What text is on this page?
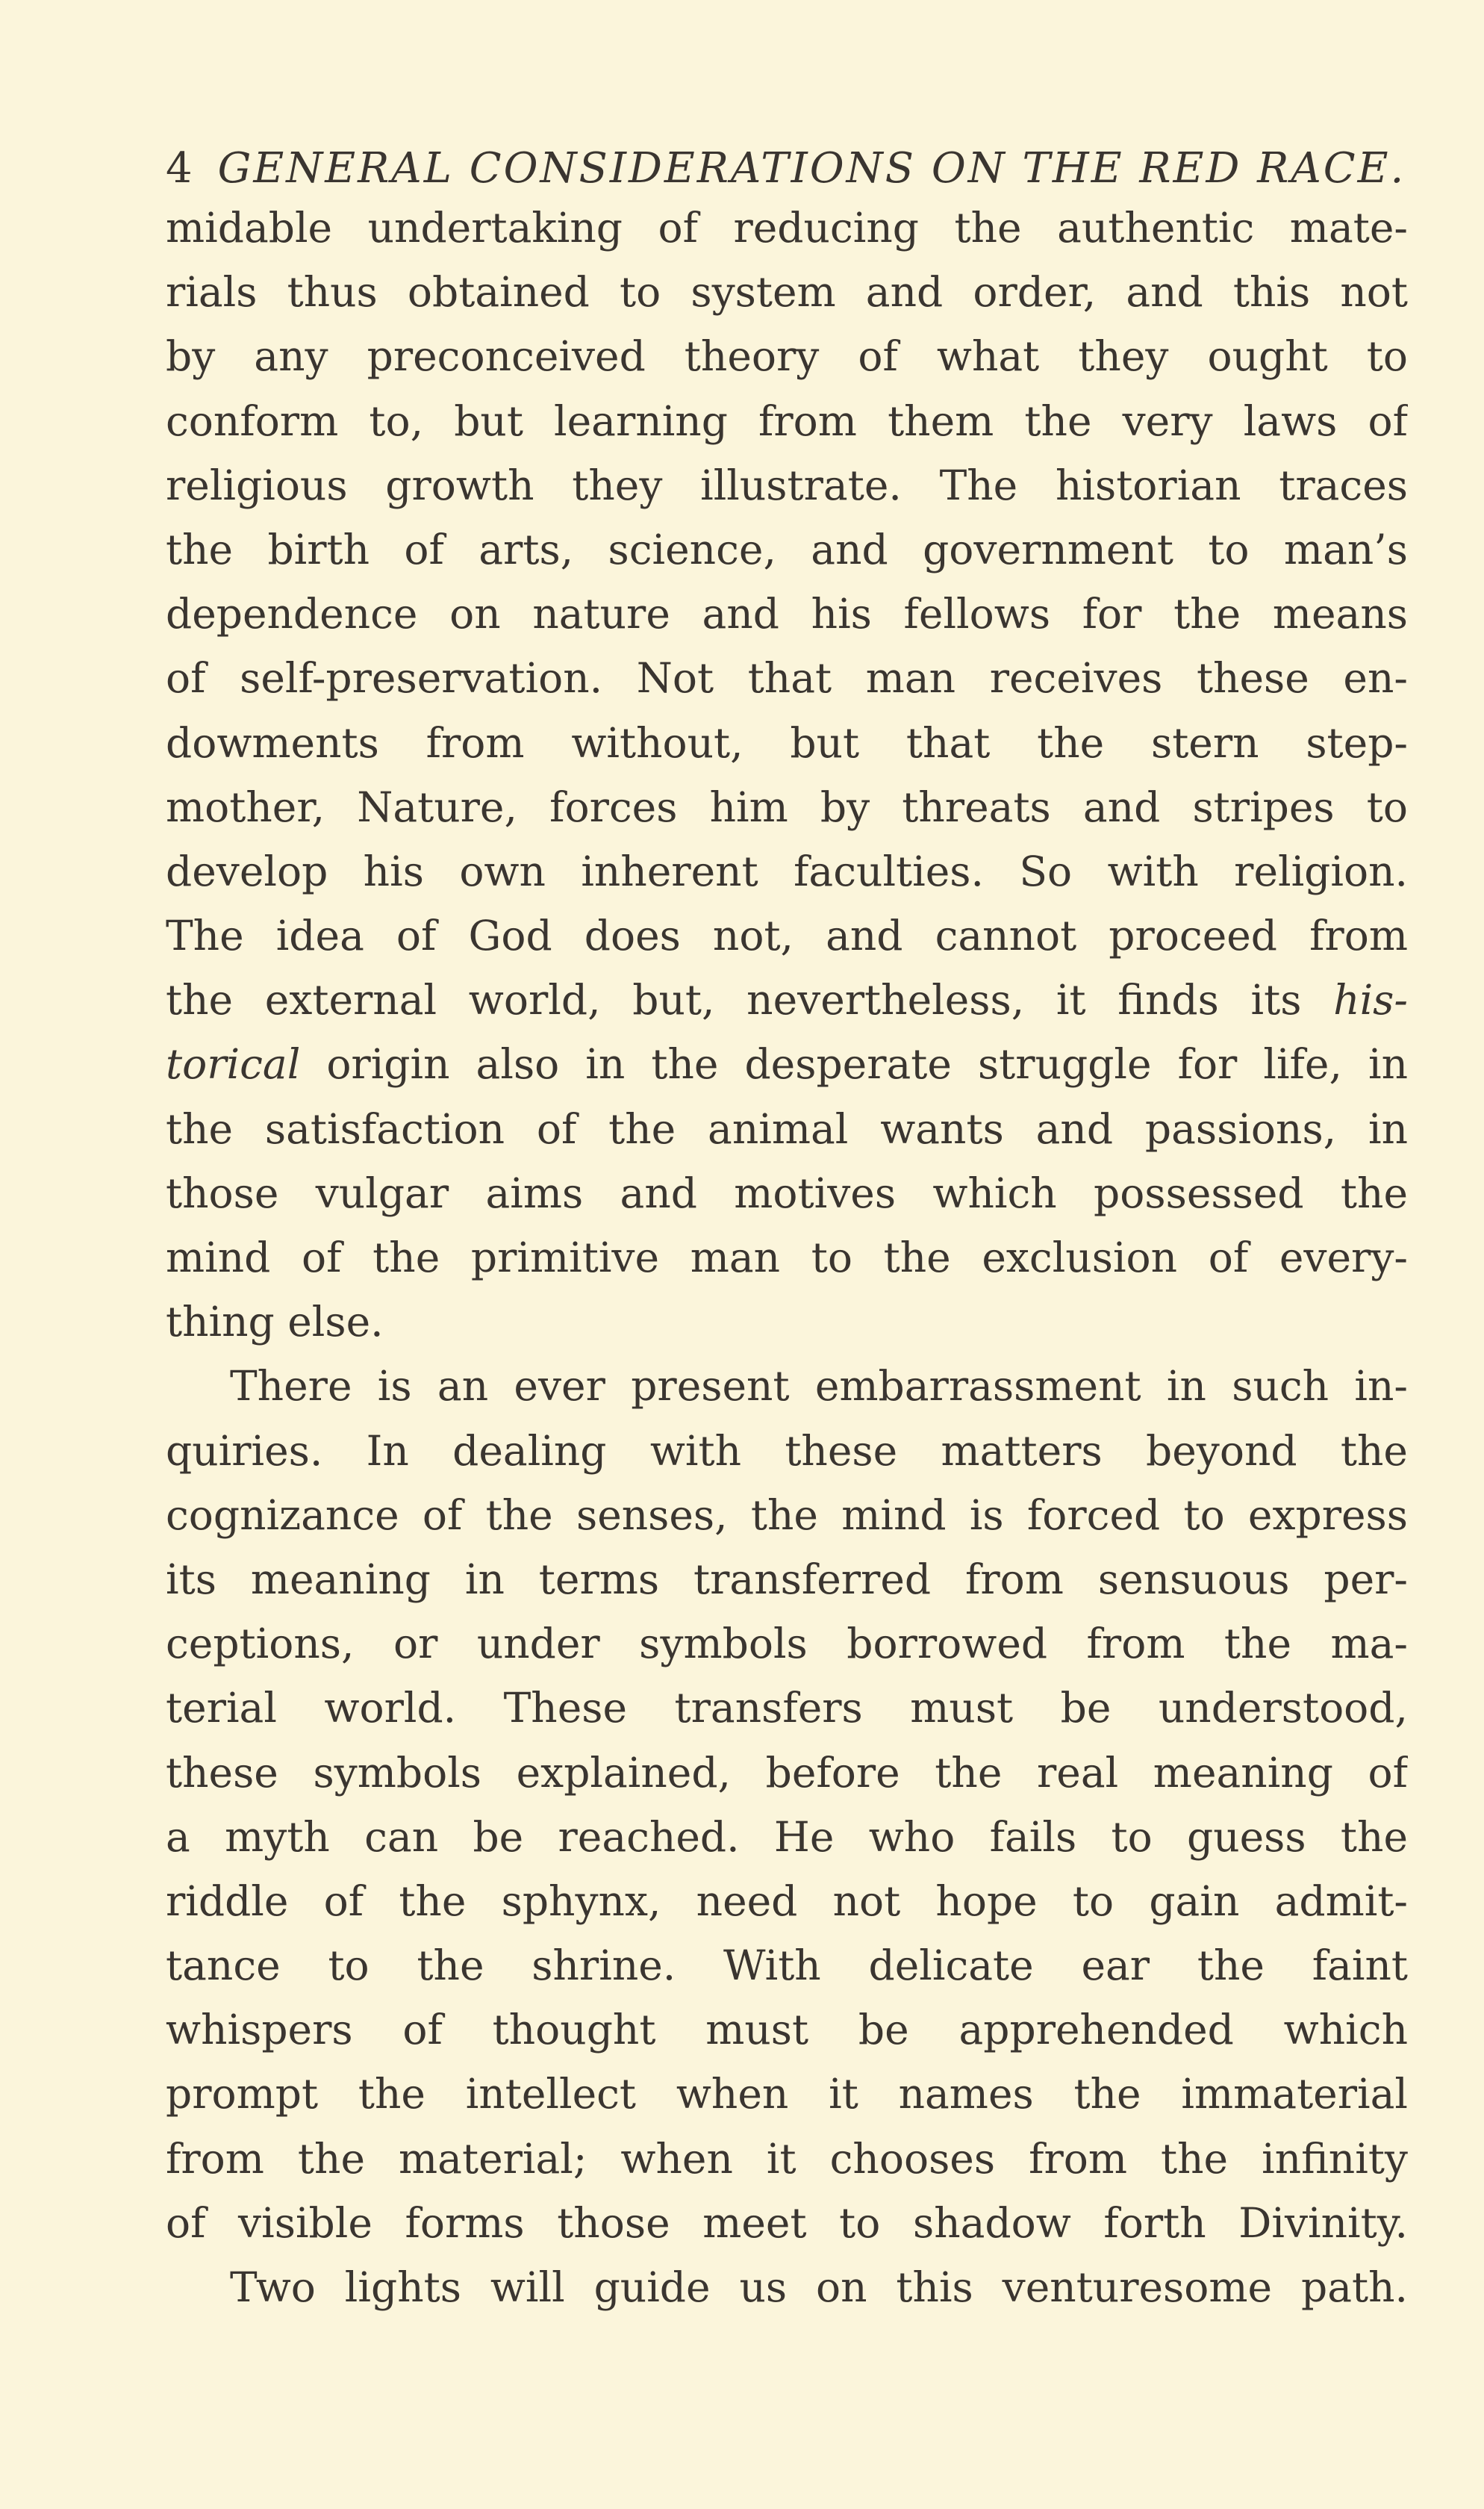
4 GENERAL CONSIDERATIONS ON THE RED RACE.
midable undertaking of reducing the authentic mate-
rials thus obtained to system and order, and this not
by any preconceived theory of what they ought to
conform to, but learning from them the very laws of
religious growth they illustrate. The historian traces
the birth of arts, science, and government to man’s
dependence on nature and his fellows for the means
of self-preservation. Not that man receives these en-
dowments from without, but that the stern step-
mother, Nature, forces him by threats and stripes to
develop his own inherent faculties. So with religion.
The idea of God does not, and cannot proceed from
the external world, but, nevertheless, it finds its his-
torical origin also in the desperate struggle for life, in
the satisfaction of the animal wants and passions, in
those vulgar aims and motives which possessed the
mind of the primitive man to the exclusion of every-
thing else.
There is an ever present embarrassment in such in-
quiries. In dealing with these matters beyond the
cognizance of the senses, the mind is forced to express
its meaning in terms transferred from sensuous per-
ceptions, or under symbols borrowed from the ma-
terial world. These transfers must be understood,
these symbols explained, before the real meaning of
a myth can be reached. He who fails to guess the
riddle of the sphynx, need not hope to gain admit-
tance to the shrine. With delicate ear the faint
whispers of thought must be apprehended which
prompt the intellect when it names the immaterial
from the material; when it chooses from the infinity
of visible forms those meet to shadow forth Divinity.
Two lights will guide us on this venturesome path.
